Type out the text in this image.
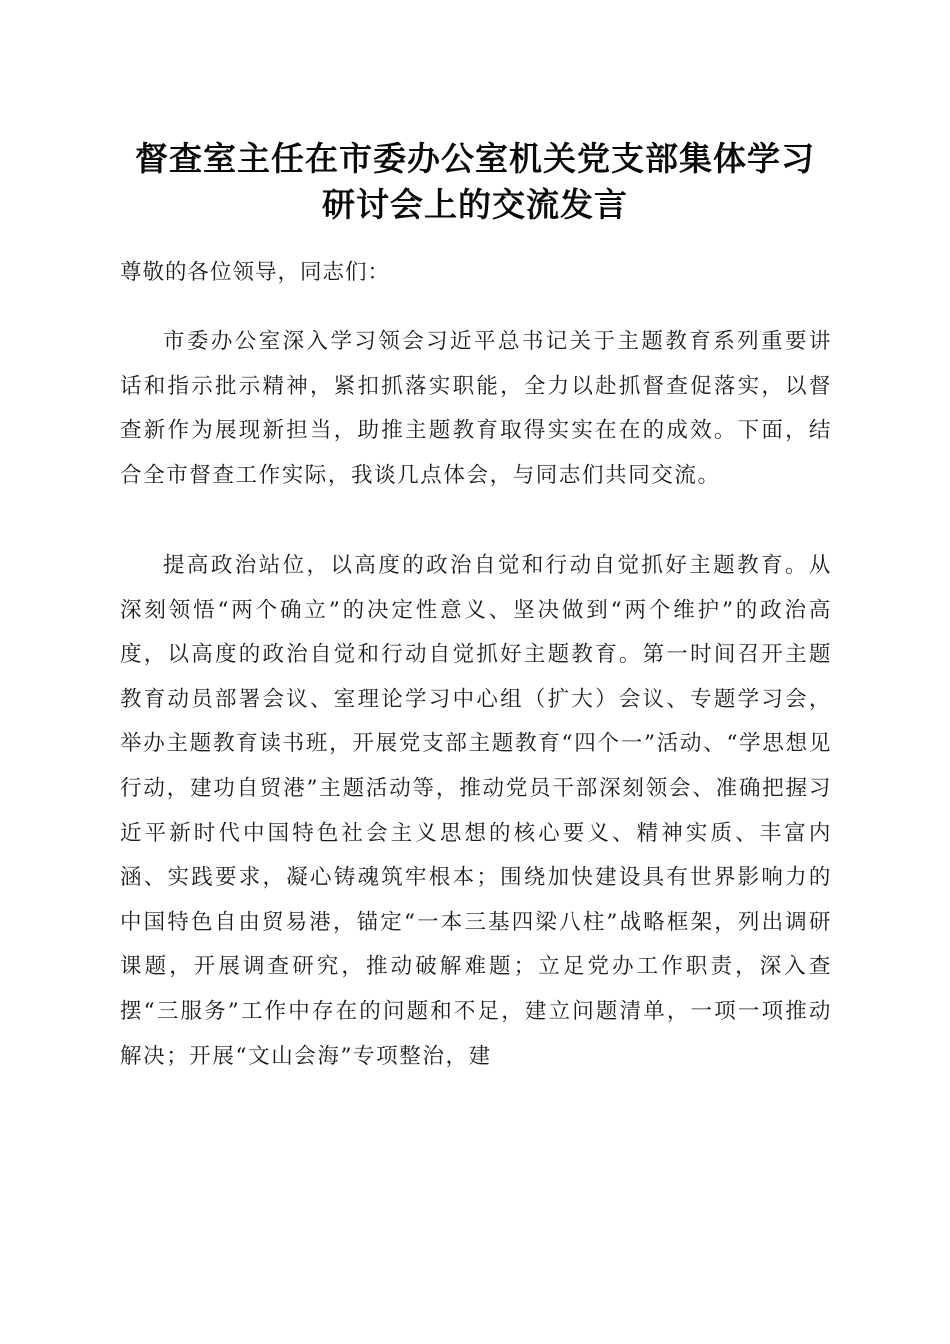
督查室主任在市委办公室机关党支部集体学习
研讨会上的交流发言
尊敬的各位领导，同志们：

市委办公室深入学习领会习近平总书记关于主题教育系列重要讲话和指示批示精神，紧扣抓落实职能，全力以赴抓督查促落实，以督查新作为展现新担当，助推主题教育取得实实在在的成效。下面，结合全市督查工作实际，我谈几点体会，与同志们共同交流。

提高政治站位，以高度的政治自觉和行动自觉抓好主题教育。从深刻领悟“两个确立”的决定性意义、坚决做到“两个维护”的政治高度，以高度的政治自觉和行动自觉抓好主题教育。第一时间召开主题教育动员部署会议、室理论学习中心组（扩大）会议、专题学习会，举办主题教育读书班，开展党支部主题教育“四个一”活动、“学思想见行动，建功自贸港”主题活动等，推动党员干部深刻领会、准确把握习近平新时代中国特色社会主义思想的核心要义、精神实质、丰富内涵、实践要求，凝心铸魂筑牢根本；围绕加快建设具有世界影响力的中国特色自由贸易港，锚定“一本三基四梁八柱”战略框架，列出调研课题，开展调查研究，推动破解难题；立足党办工作职责，深入查摆“三服务”工作中存在的问题和不足，建立问题清单，一项一项推动解决；开展“文山会海”专项整治，建
